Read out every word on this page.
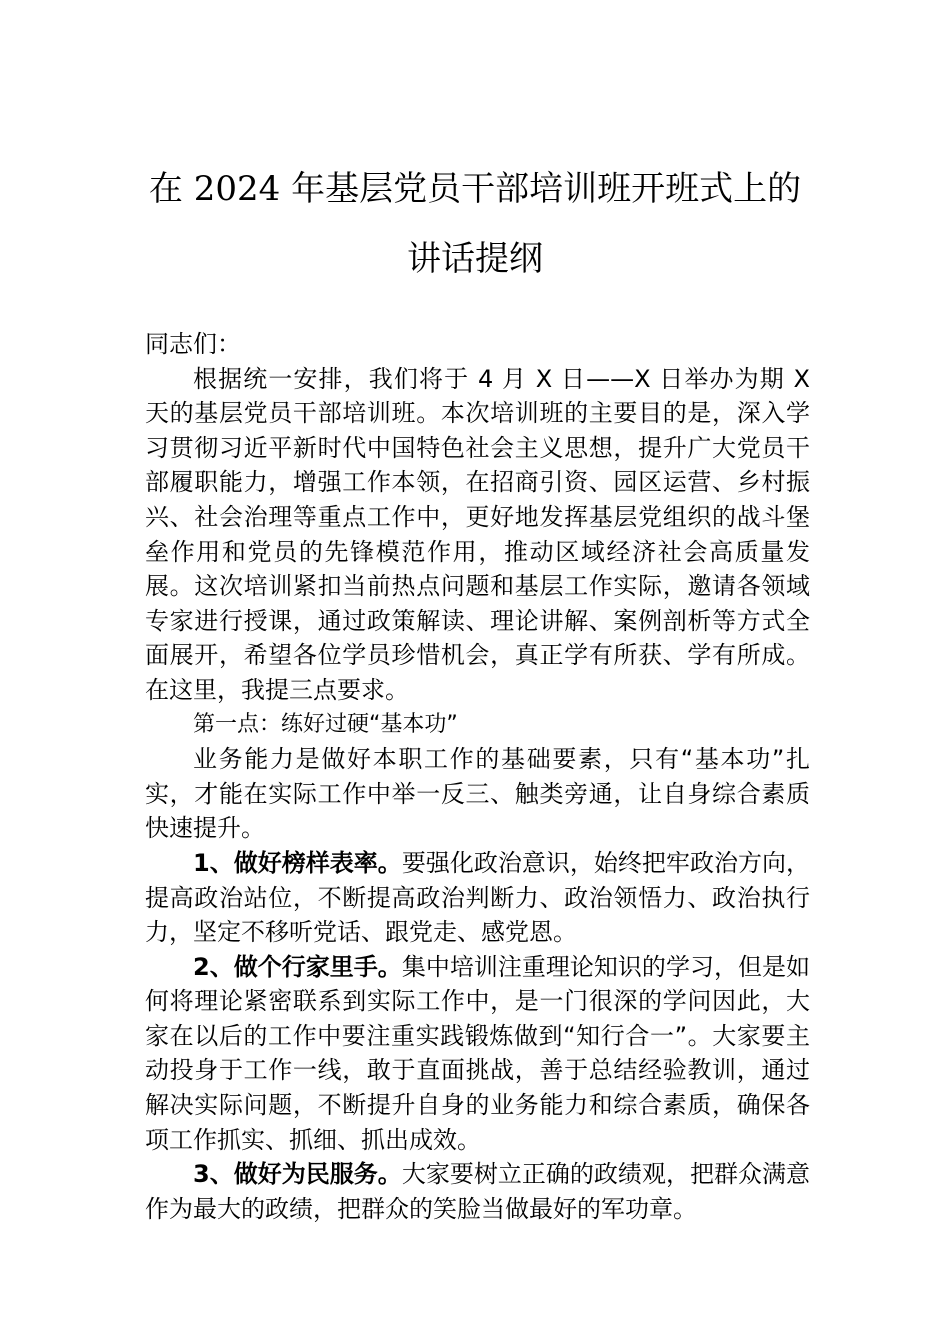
在 2024 年基层党员干部培训班开班式上的
讲话提纲

同志们：

根据统一安排，我们将于 4 月 X 日——X 日举办为期 X 天的基层党员干部培训班。本次培训班的主要目的是，深入学习贯彻习近平新时代中国特色社会主义思想，提升广大党员干部履职能力，增强工作本领，在招商引资、园区运营、乡村振兴、社会治理等重点工作中，更好地发挥基层党组织的战斗堡垒作用和党员的先锋模范作用，推动区域经济社会高质量发展。这次培训紧扣当前热点问题和基层工作实际，邀请各领域专家进行授课，通过政策解读、理论讲解、案例剖析等方式全面展开，希望各位学员珍惜机会，真正学有所获、学有所成。在这里，我提三点要求。

第一点：练好过硬“基本功”

业务能力是做好本职工作的基础要素，只有“基本功”扎实，才能在实际工作中举一反三、触类旁通，让自身综合素质快速提升。

1、做好榜样表率。要强化政治意识，始终把牢政治方向，提高政治站位，不断提高政治判断力、政治领悟力、政治执行力，坚定不移听党话、跟党走、感党恩。

2、做个行家里手。集中培训注重理论知识的学习，但是如何将理论紧密联系到实际工作中，是一门很深的学问因此，大家在以后的工作中要注重实践锻炼做到“知行合一”。大家要主动投身于工作一线，敢于直面挑战，善于总结经验教训，通过解决实际问题，不断提升自身的业务能力和综合素质，确保各项工作抓实、抓细、抓出成效。

3、做好为民服务。大家要树立正确的政绩观，把群众满意作为最大的政绩，把群众的笑脸当做最好的军功章。
